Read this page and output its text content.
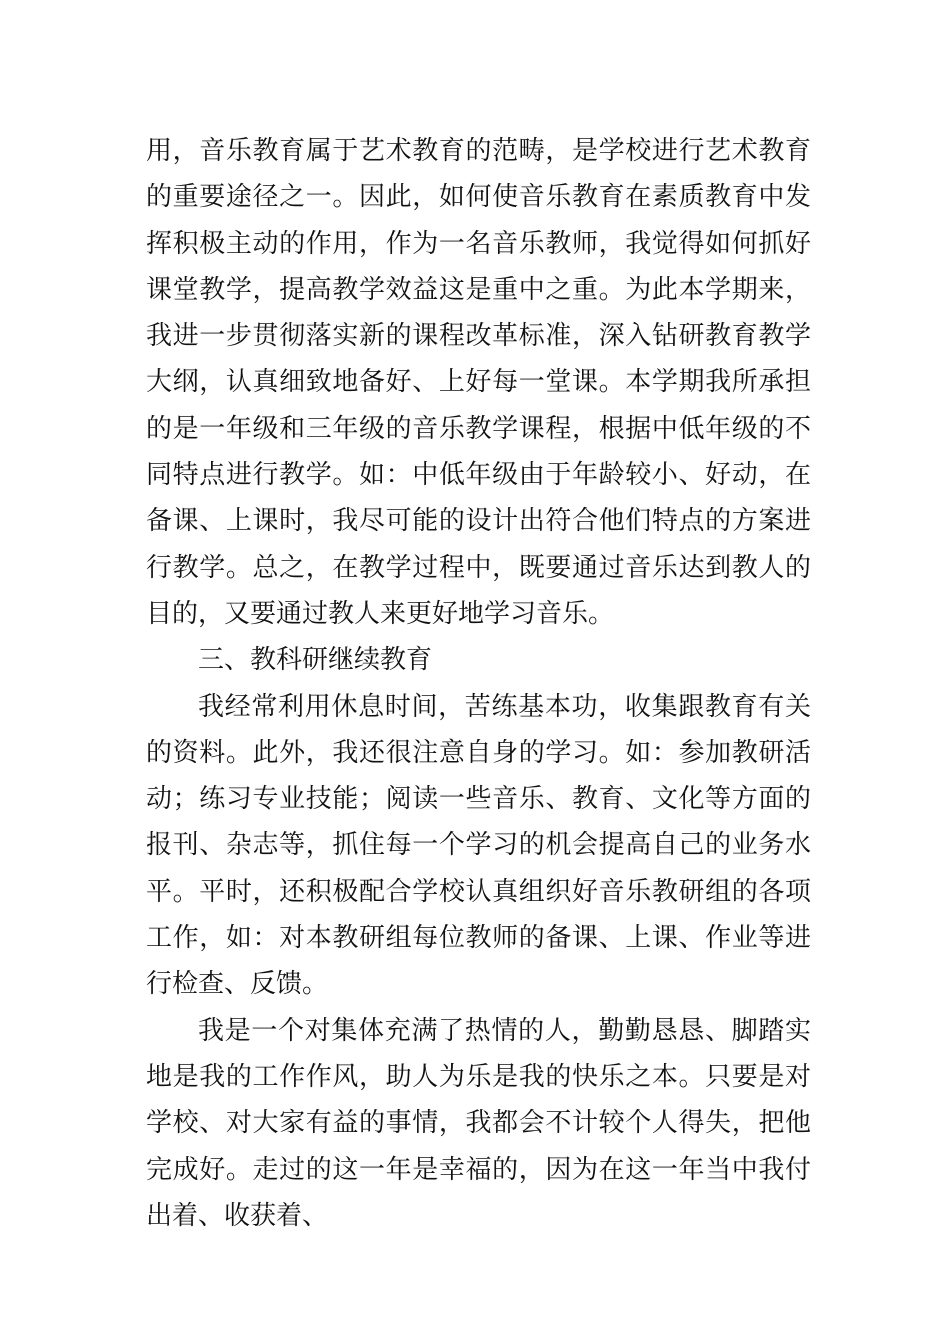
用，音乐教育属于艺术教育的范畴，是学校进行艺术教育的重要途径之一。因此，如何使音乐教育在素质教育中发挥积极主动的作用，作为一名音乐教师，我觉得如何抓好课堂教学，提高教学效益这是重中之重。为此本学期来，我进一步贯彻落实新的课程改革标准，深入钻研教育教学大纲，认真细致地备好、上好每一堂课。本学期我所承担的是一年级和三年级的音乐教学课程，根据中低年级的不同特点进行教学。如：中低年级由于年龄较小、好动，在备课、上课时，我尽可能的设计出符合他们特点的方案进行教学。总之，在教学过程中，既要通过音乐达到教人的目的，又要通过教人来更好地学习音乐。

三、教科研继续教育

我经常利用休息时间，苦练基本功，收集跟教育有关的资料。此外，我还很注意自身的学习。如：参加教研活动；练习专业技能；阅读一些音乐、教育、文化等方面的报刊、杂志等，抓住每一个学习的机会提高自己的业务水平。平时，还积极配合学校认真组织好音乐教研组的各项工作，如：对本教研组每位教师的备课、上课、作业等进行检查、反馈。

我是一个对集体充满了热情的人，勤勤恳恳、脚踏实地是我的工作作风，助人为乐是我的快乐之本。只要是对学校、对大家有益的事情，我都会不计较个人得失，把他完成好。走过的这一年是幸福的，因为在这一年当中我付出着、收获着、
